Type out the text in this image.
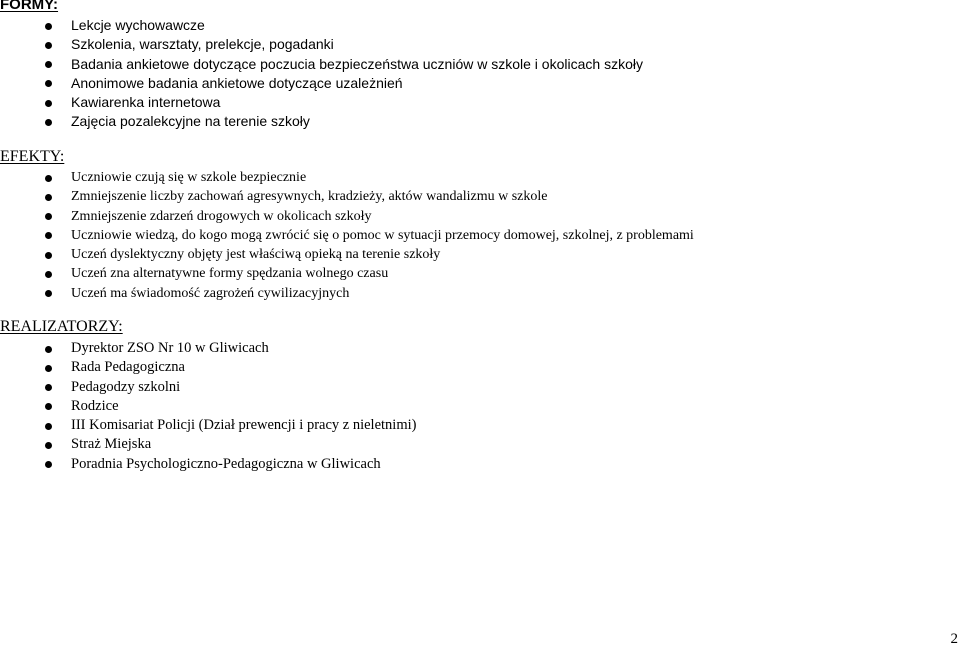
FORMY:
Lekcje wychowawcze
Szkolenia, warsztaty, prelekcje, pogadanki
Badania ankietowe dotyczące poczucia bezpieczeństwa uczniów w szkole i okolicach szkoły
Anonimowe badania ankietowe dotyczące uzależnień
Kawiarenka internetowa
Zajęcia pozalekcyjne na terenie szkoły
EFEKTY:
Uczniowie czują się w szkole bezpiecznie
Zmniejszenie liczby zachowań agresywnych, kradzieży, aktów wandalizmu w szkole
Zmniejszenie zdarzeń drogowych w okolicach szkoły
Uczniowie wiedzą, do kogo mogą zwrócić się o pomoc w sytuacji przemocy domowej, szkolnej, z problemami
Uczeń dyslektyczny objęty jest właściwą opieką na terenie szkoły
Uczeń zna alternatywne formy spędzania wolnego czasu
Uczeń ma świadomość zagrożeń cywilizacyjnych
REALIZATORZY:
Dyrektor ZSO Nr 10 w Gliwicach
Rada Pedagogiczna
Pedagodzy szkolni
Rodzice
III Komisariat Policji (Dział prewencji i pracy z nieletnimi)
Straż Miejska
Poradnia Psychologiczno-Pedagogiczna w Gliwicach
2
